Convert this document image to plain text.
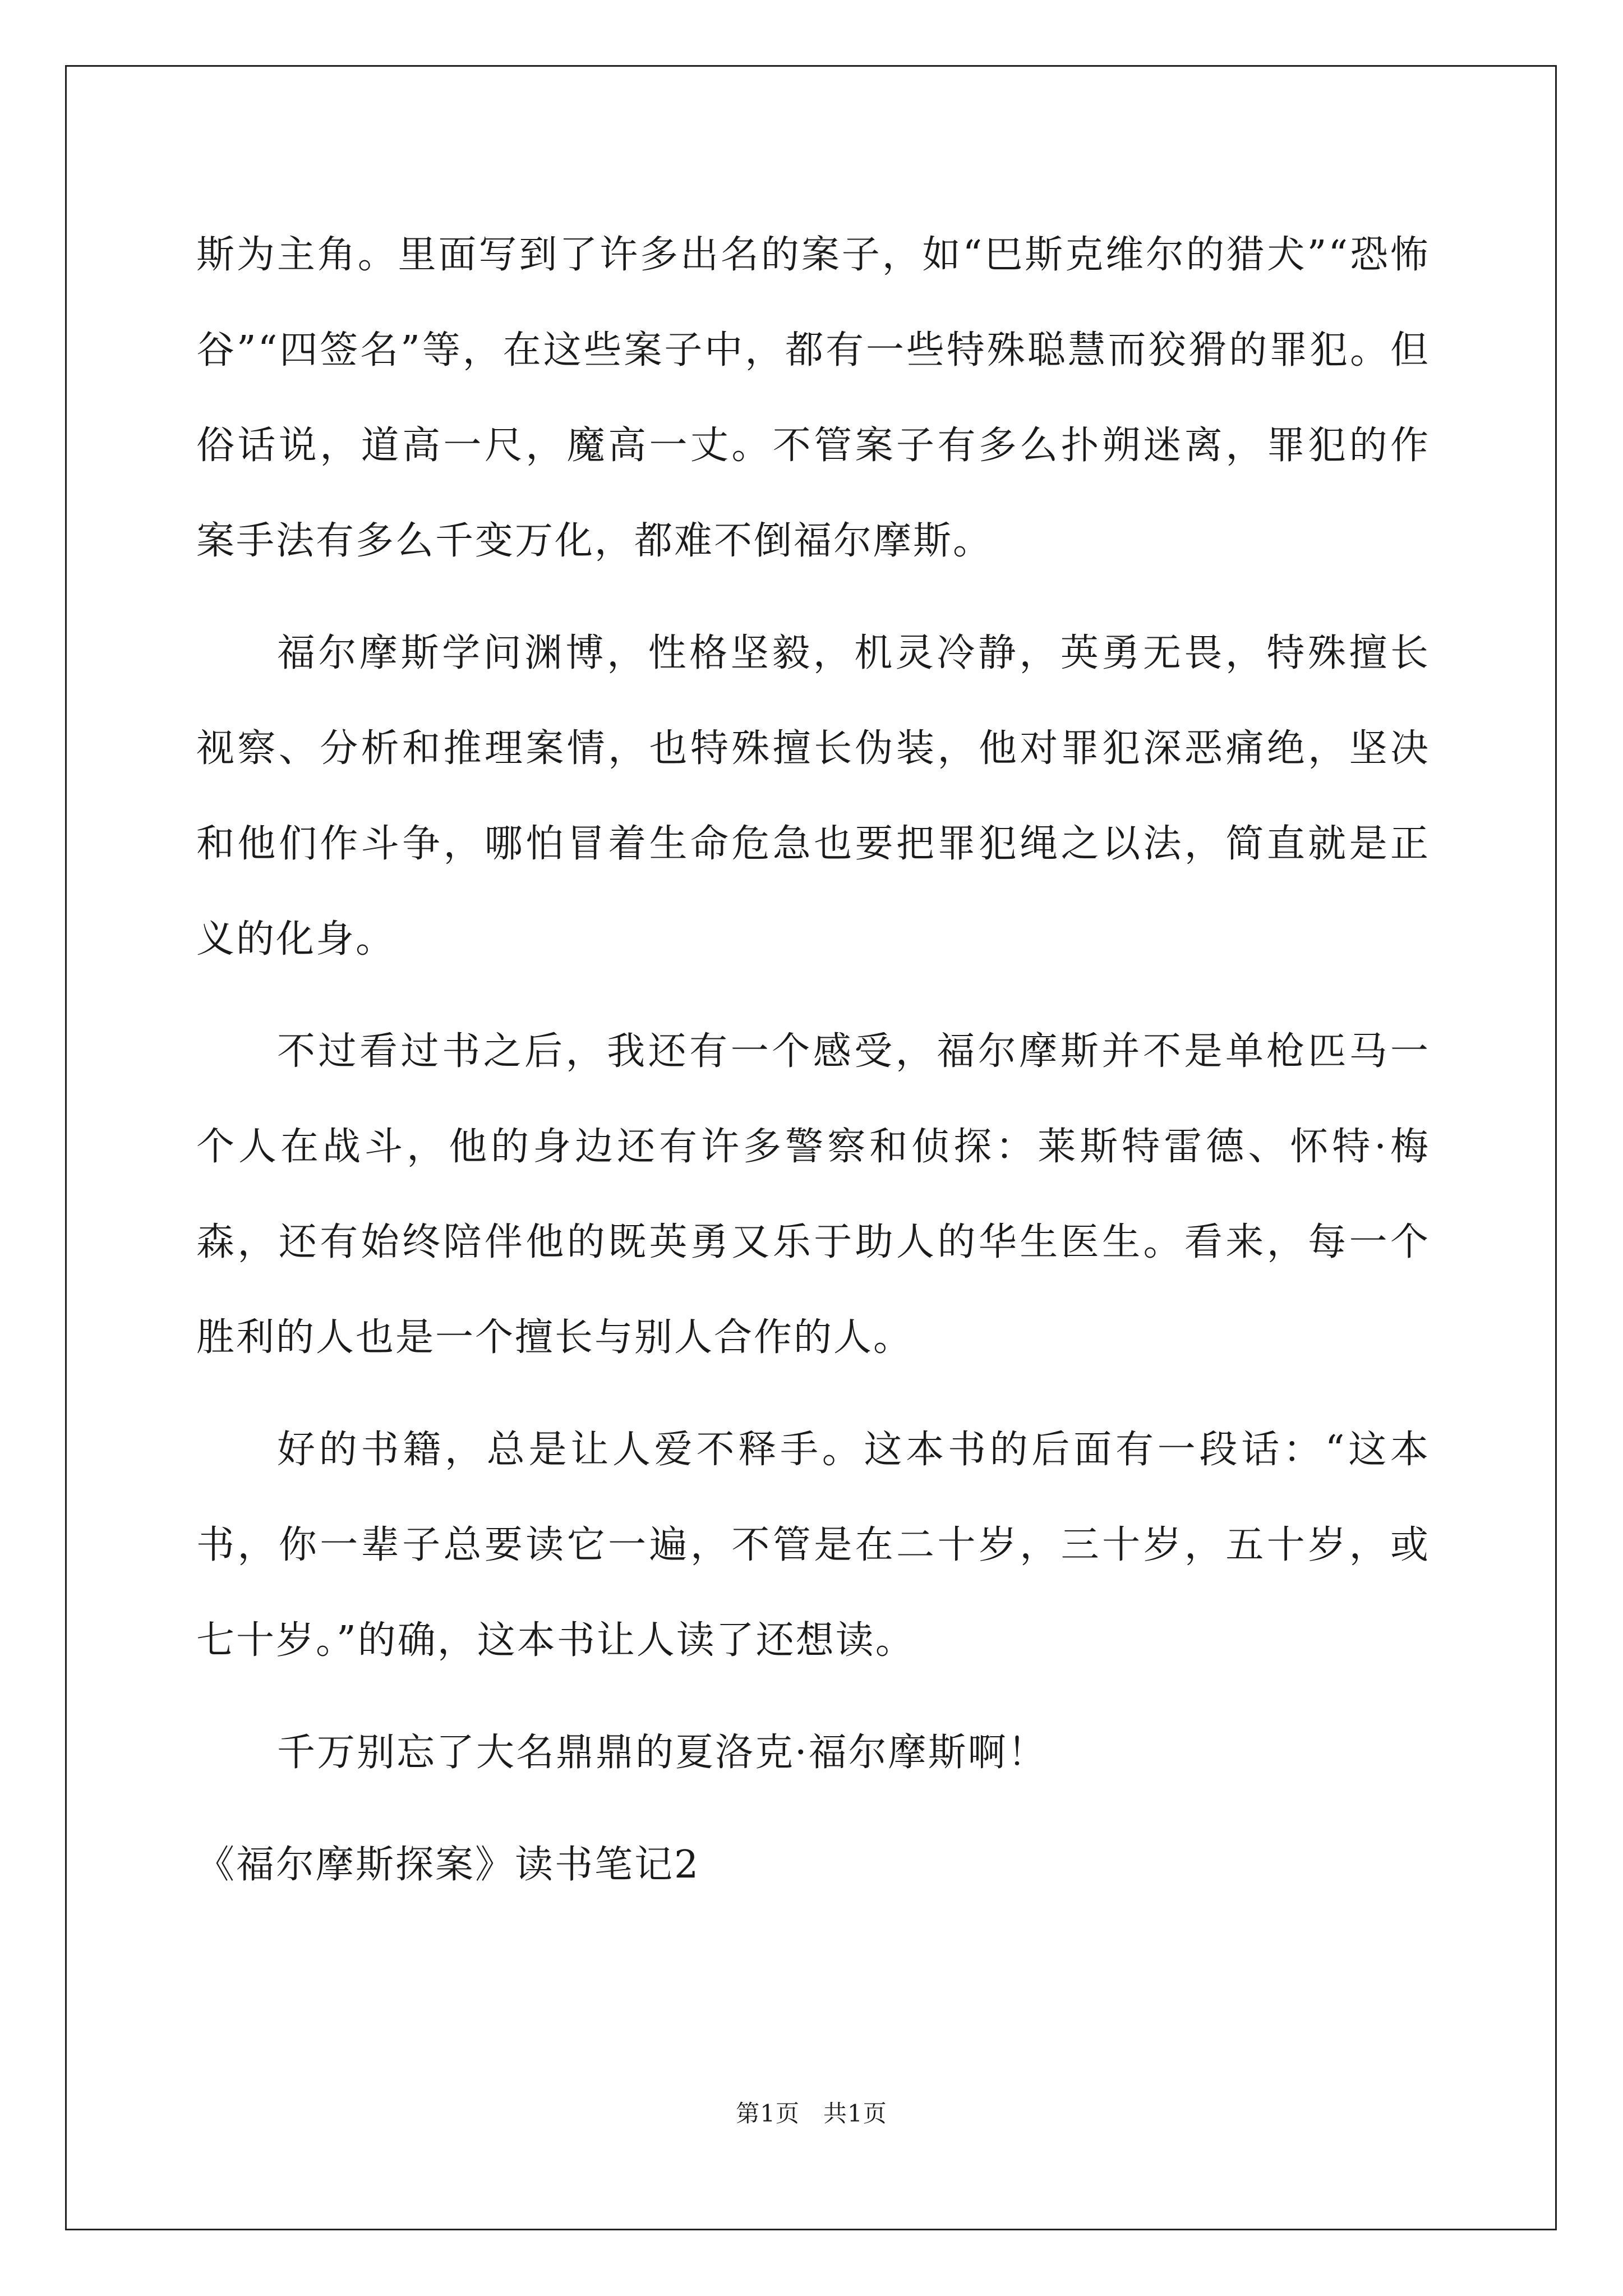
斯为主角。里面写到了许多出名的案子，如“巴斯克维尔的猎犬”“恐怖谷”“四签名”等，在这些案子中，都有一些特殊聪慧而狡猾的罪犯。但俗话说，道高一尺，魔高一丈。不管案子有多么扑朔迷离，罪犯的作案手法有多么千变万化，都难不倒福尔摩斯。

福尔摩斯学问渊博，性格坚毅，机灵冷静，英勇无畏，特殊擅长视察、分析和推理案情，也特殊擅长伪装，他对罪犯深恶痛绝，坚决和他们作斗争，哪怕冒着生命危急也要把罪犯绳之以法，简直就是正义的化身。

不过看过书之后，我还有一个感受，福尔摩斯并不是单枪匹马一个人在战斗，他的身边还有许多警察和侦探：莱斯特雷德、怀特·梅森，还有始终陪伴他的既英勇又乐于助人的华生医生。看来，每一个胜利的人也是一个擅长与别人合作的人。

好的书籍，总是让人爱不释手。这本书的后面有一段话：“这本书，你一辈子总要读它一遍，不管是在二十岁，三十岁，五十岁，或七十岁。”的确，这本书让人读了还想读。

千万别忘了大名鼎鼎的夏洛克·福尔摩斯啊！

《福尔摩斯探案》读书笔记2

第1页 共1页
